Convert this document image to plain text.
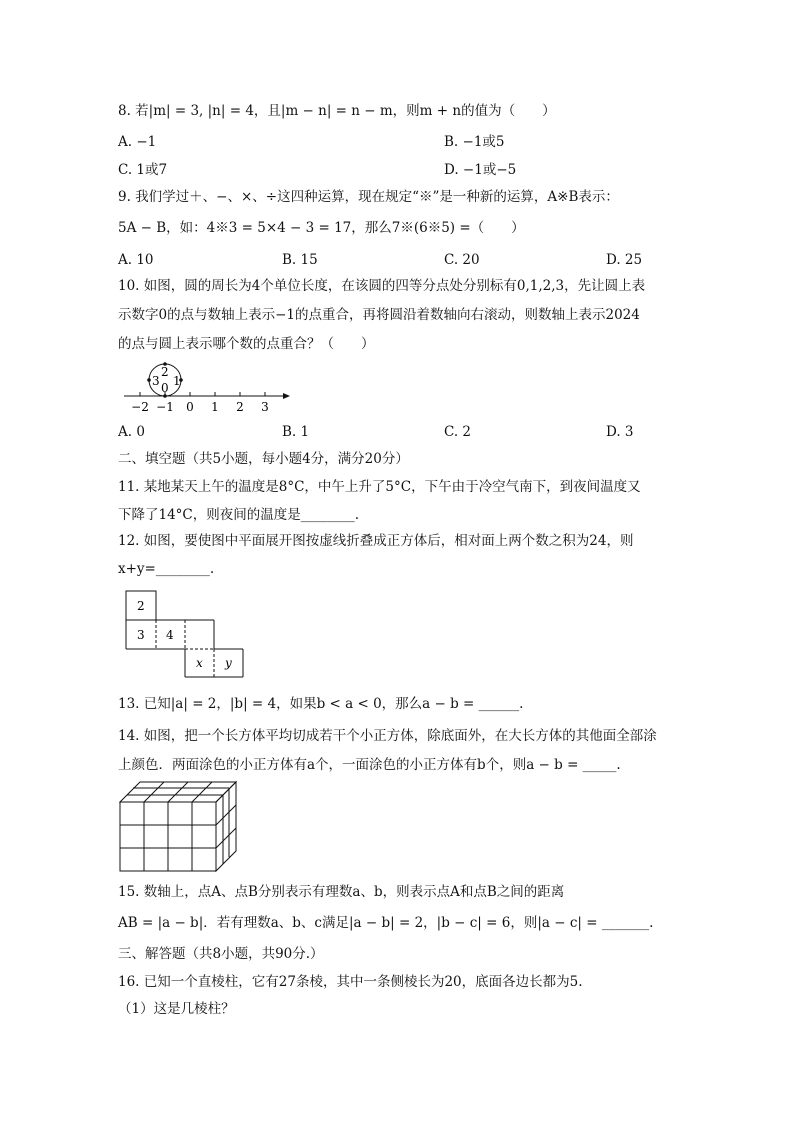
8. 若|m| = 3, |n| = 4，且|m − n| = n − m，则m + n的值为（　　）
A. −1	B. −1或5
C. 1或7	D. −1或−5
9. 我们学过＋、−、×、÷这四种运算，现在规定“※”是一种新的运算，A※B表示：
5A − B，如：4※3 = 5×4 − 3 = 17，那么7※(6※5) =（　　）
A. 10	B. 15	C. 20	D. 25
10. 如图，圆的周长为4个单位长度，在该圆的四等分点处分别标有0,1,2,3，先让圆上表
示数字0的点与数轴上表示−1的点重合，再将圆沿着数轴向右滚动，则数轴上表示2024
的点与圆上表示哪个数的点重合？（　　）
3
2
0 1
−2 −1 0 1 2 3
A. 0	B. 1	C. 2	D. 3
二、填空题（共5小题，每小题4分，满分20分）
11. 某地某天上午的温度是8°C，中午上升了5°C，下午由于冷空气南下，到夜间温度又
下降了14°C，则夜间的温度是________.
12. 如图，要使图中平面展开图按虚线折叠成正方体后，相对面上两个数之积为24，则
x+y=________.
2
3 4
x y
13. 已知|a| = 2，|b| = 4，如果b < a < 0，那么a − b = ______.
14. 如图，把一个长方体平均切成若干个小正方体，除底面外，在大长方体的其他面全部涂
上颜色．两面涂色的小正方体有a个，一面涂色的小正方体有b个，则a − b = _____.
15. 数轴上，点A、点B分别表示有理数a、b，则表示点A和点B之间的距离
AB = |a − b|．若有理数a、b、c满足|a − b| = 2，|b − c| = 6，则|a − c| = _______.
三、解答题（共8小题，共90分.）
16. 已知一个直棱柱，它有27条棱，其中一条侧棱长为20，底面各边长都为5.
（1）这是几棱柱？
